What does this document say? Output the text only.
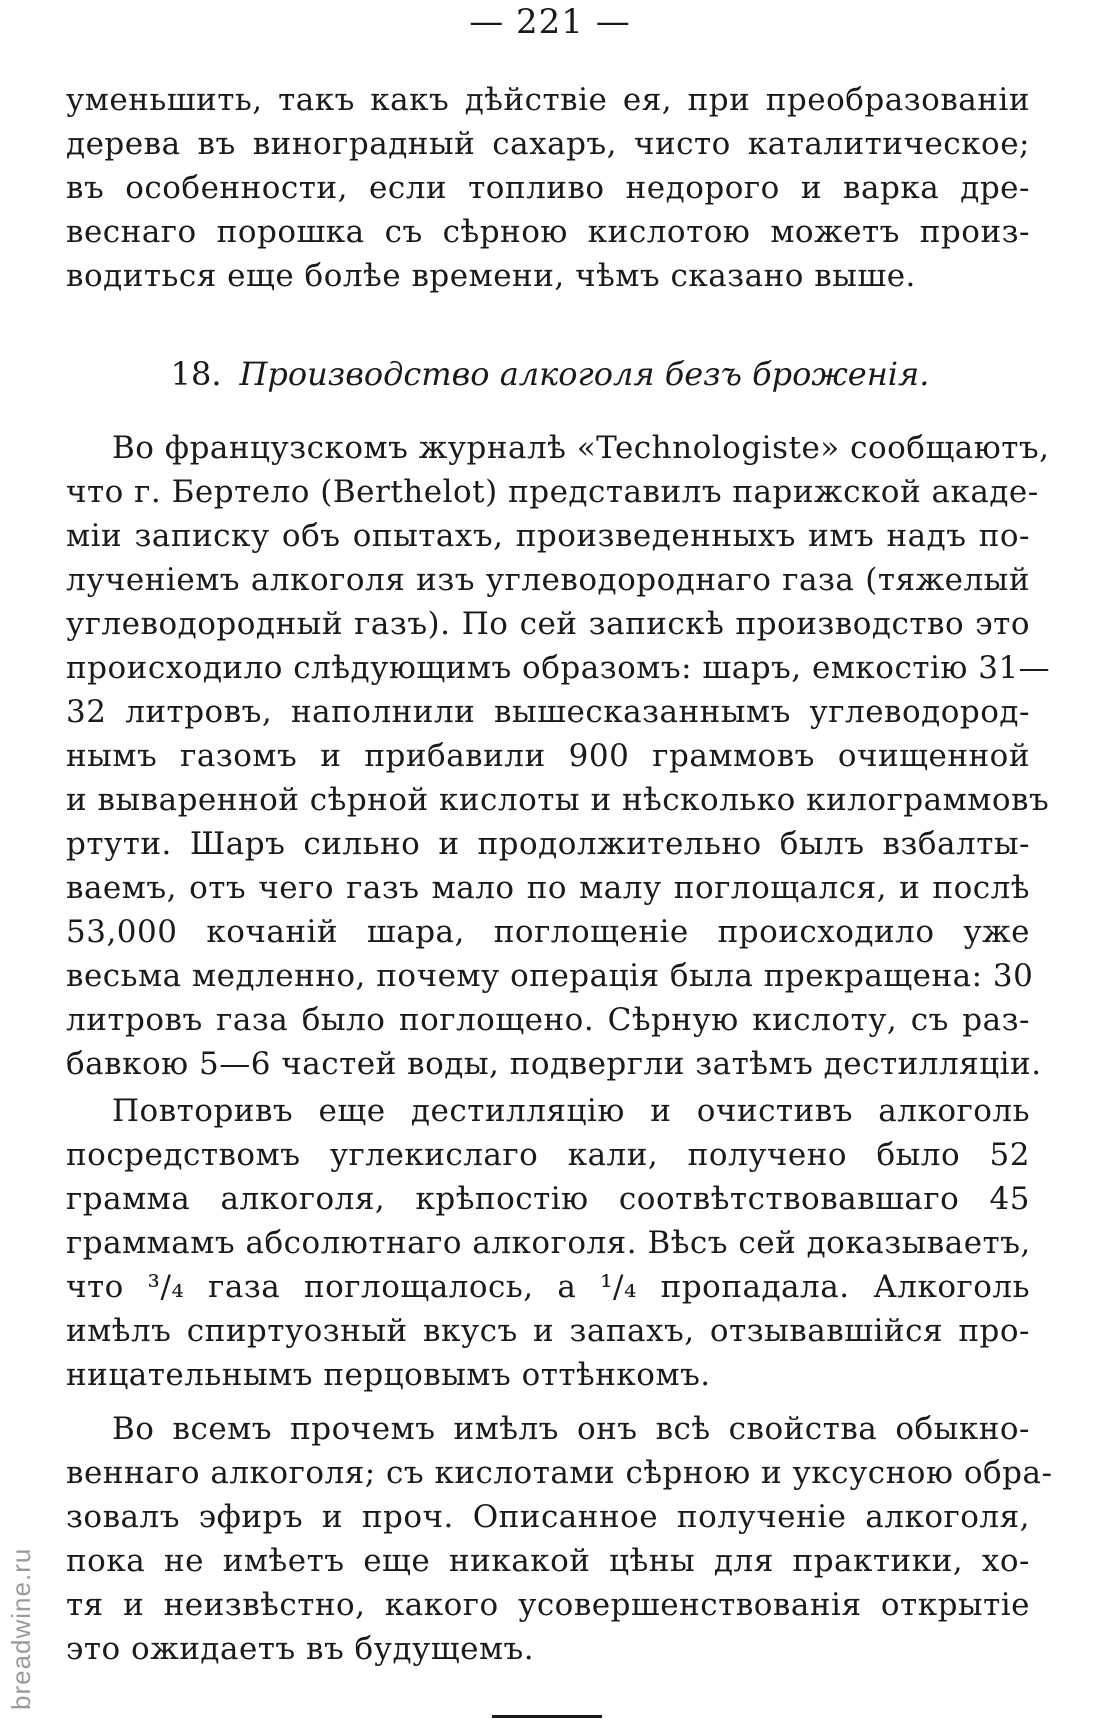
— 221 —
уменьшить, такъ какъ дѣйствіе ея, при преобразованіи
дерева въ виноградный сахаръ, чисто каталитическое;
въ особенности, если топливо недорого и варка дре-
веснаго порошка съ сѣрною кислотою можетъ произ-
водиться еще болѣе времени, чѣмъ сказано выше.
18. Производство алкоголя безъ броженія.
Во французскомъ журналѣ «Technologiste» сообщаютъ,
что г. Бертело (Berthelot) представилъ парижской акаде-
міи записку объ опытахъ, произведенныхъ имъ надъ по-
лученіемъ алкоголя изъ углеводороднаго газа (тяжелый
углеводородный газъ). По сей запискѣ производство это
происходило слѣдующимъ образомъ: шаръ, емкостію 31—
32 литровъ, наполнили вышесказаннымъ углеводород-
нымъ газомъ и прибавили 900 граммовъ очищенной
и выварeнной сѣрной кислоты и нѣсколько килограммовъ
ртути. Шаръ сильно и продолжительно былъ взбалты-
ваемъ, отъ чего газъ мало по малу поглощался, и послѣ
53,000 кочаній шара, поглощеніе происходило уже
весьма медленно, почему операція была прекращена: 30
литровъ газа было поглощено. Сѣрную кислоту, съ раз-
бавкою 5—6 частей воды, подвергли затѣмъ дестилляціи.
Повторивъ еще дестилляцію и очистивъ алкоголь
посредствомъ углекислаго кали, получено было 52
грамма алкоголя, крѣпостію соотвѣтствовавшаго 45
граммамъ абсолютнаго алкоголя. Вѣсъ сей доказываетъ,
что ³/₄ газа поглощалось, а ¹/₄ пропадала. Алкоголь
имѣлъ спиртуозный вкусъ и запахъ, отзывавшійся про-
ницательнымъ перцовымъ оттѣнкомъ.
Во всемъ прочемъ имѣлъ онъ всѣ свойства обыкно-
веннаго алкоголя; съ кислотами сѣрною и уксусною обра-
зовалъ эфиръ и проч. Описанное полученіе алкоголя,
пока не имѣетъ еще никакой цѣны для практики, хо-
тя и неизвѣстно, какого усовершенствованія открытіе
это ожидаетъ въ будущемъ.
breadwine.ru
